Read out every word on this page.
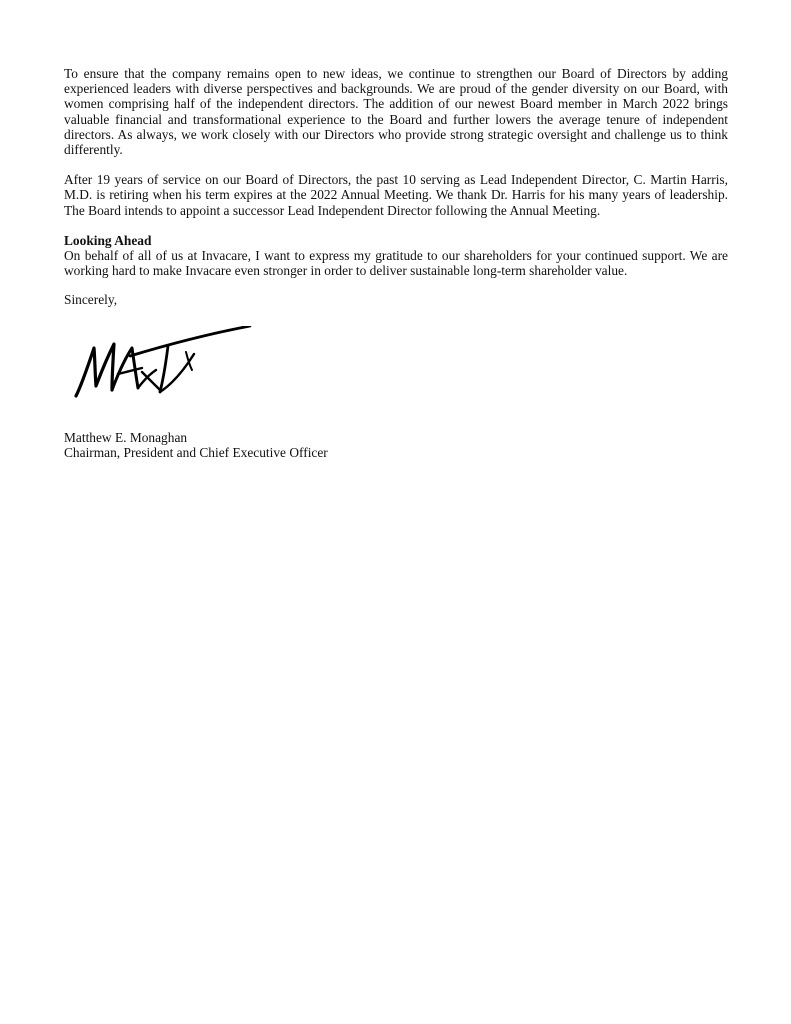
To ensure that the company remains open to new ideas, we continue to strengthen our Board of Directors by adding experienced leaders with diverse perspectives and backgrounds. We are proud of the gender diversity on our Board, with women comprising half of the independent directors. The addition of our newest Board member in March 2022 brings valuable financial and transformational experience to the Board and further lowers the average tenure of independent directors. As always, we work closely with our Directors who provide strong strategic oversight and challenge us to think differently.

After 19 years of service on our Board of Directors, the past 10 serving as Lead Independent Director, C. Martin Harris, M.D. is retiring when his term expires at the 2022 Annual Meeting. We thank Dr. Harris for his many years of leadership. The Board intends to appoint a successor Lead Independent Director following the Annual Meeting.

Looking Ahead

On behalf of all of us at Invacare, I want to express my gratitude to our shareholders for your continued support. We are working hard to make Invacare even stronger in order to deliver sustainable long-term shareholder value.

Sincerely,

Matthew E. Monaghan

Chairman, President and Chief Executive Officer
